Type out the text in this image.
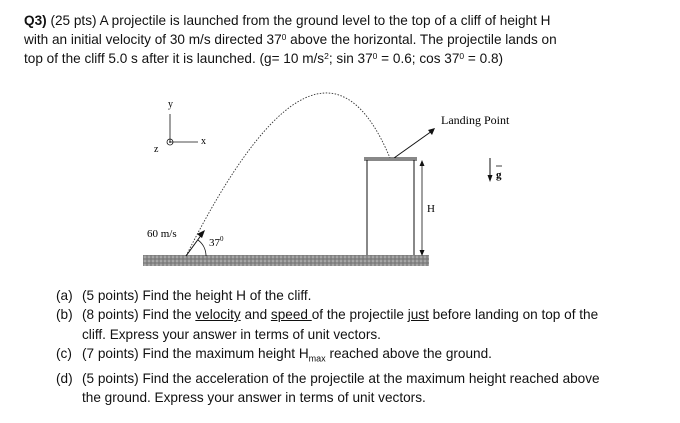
Q3) (25 pts) A projectile is launched from the ground level to the top of a cliff of height H
with an initial velocity of 30 m/s directed $37^0$ above the horizontal. The projectile lands on
top of the cliff 5.0 s after it is launched. (g= 10 $m/s^2$; $\sin 37^0 = 0.6$; $\cos 37^0 = 0.8$)
y
x
z
H
60 m/s
$37^0$
Landing Point
g
(a) (5 points) Find the height H of the cliff.
(b) (8 points) Find the velocity and speed of the projectile just before landing on top of the
cliff. Express your answer in terms of unit vectors.
(c) (7 points) Find the maximum height $H_{max}$ reached above the ground.
(d) (5 points) Find the acceleration of the projectile at the maximum height reached above
the ground. Express your answer in terms of unit vectors.
